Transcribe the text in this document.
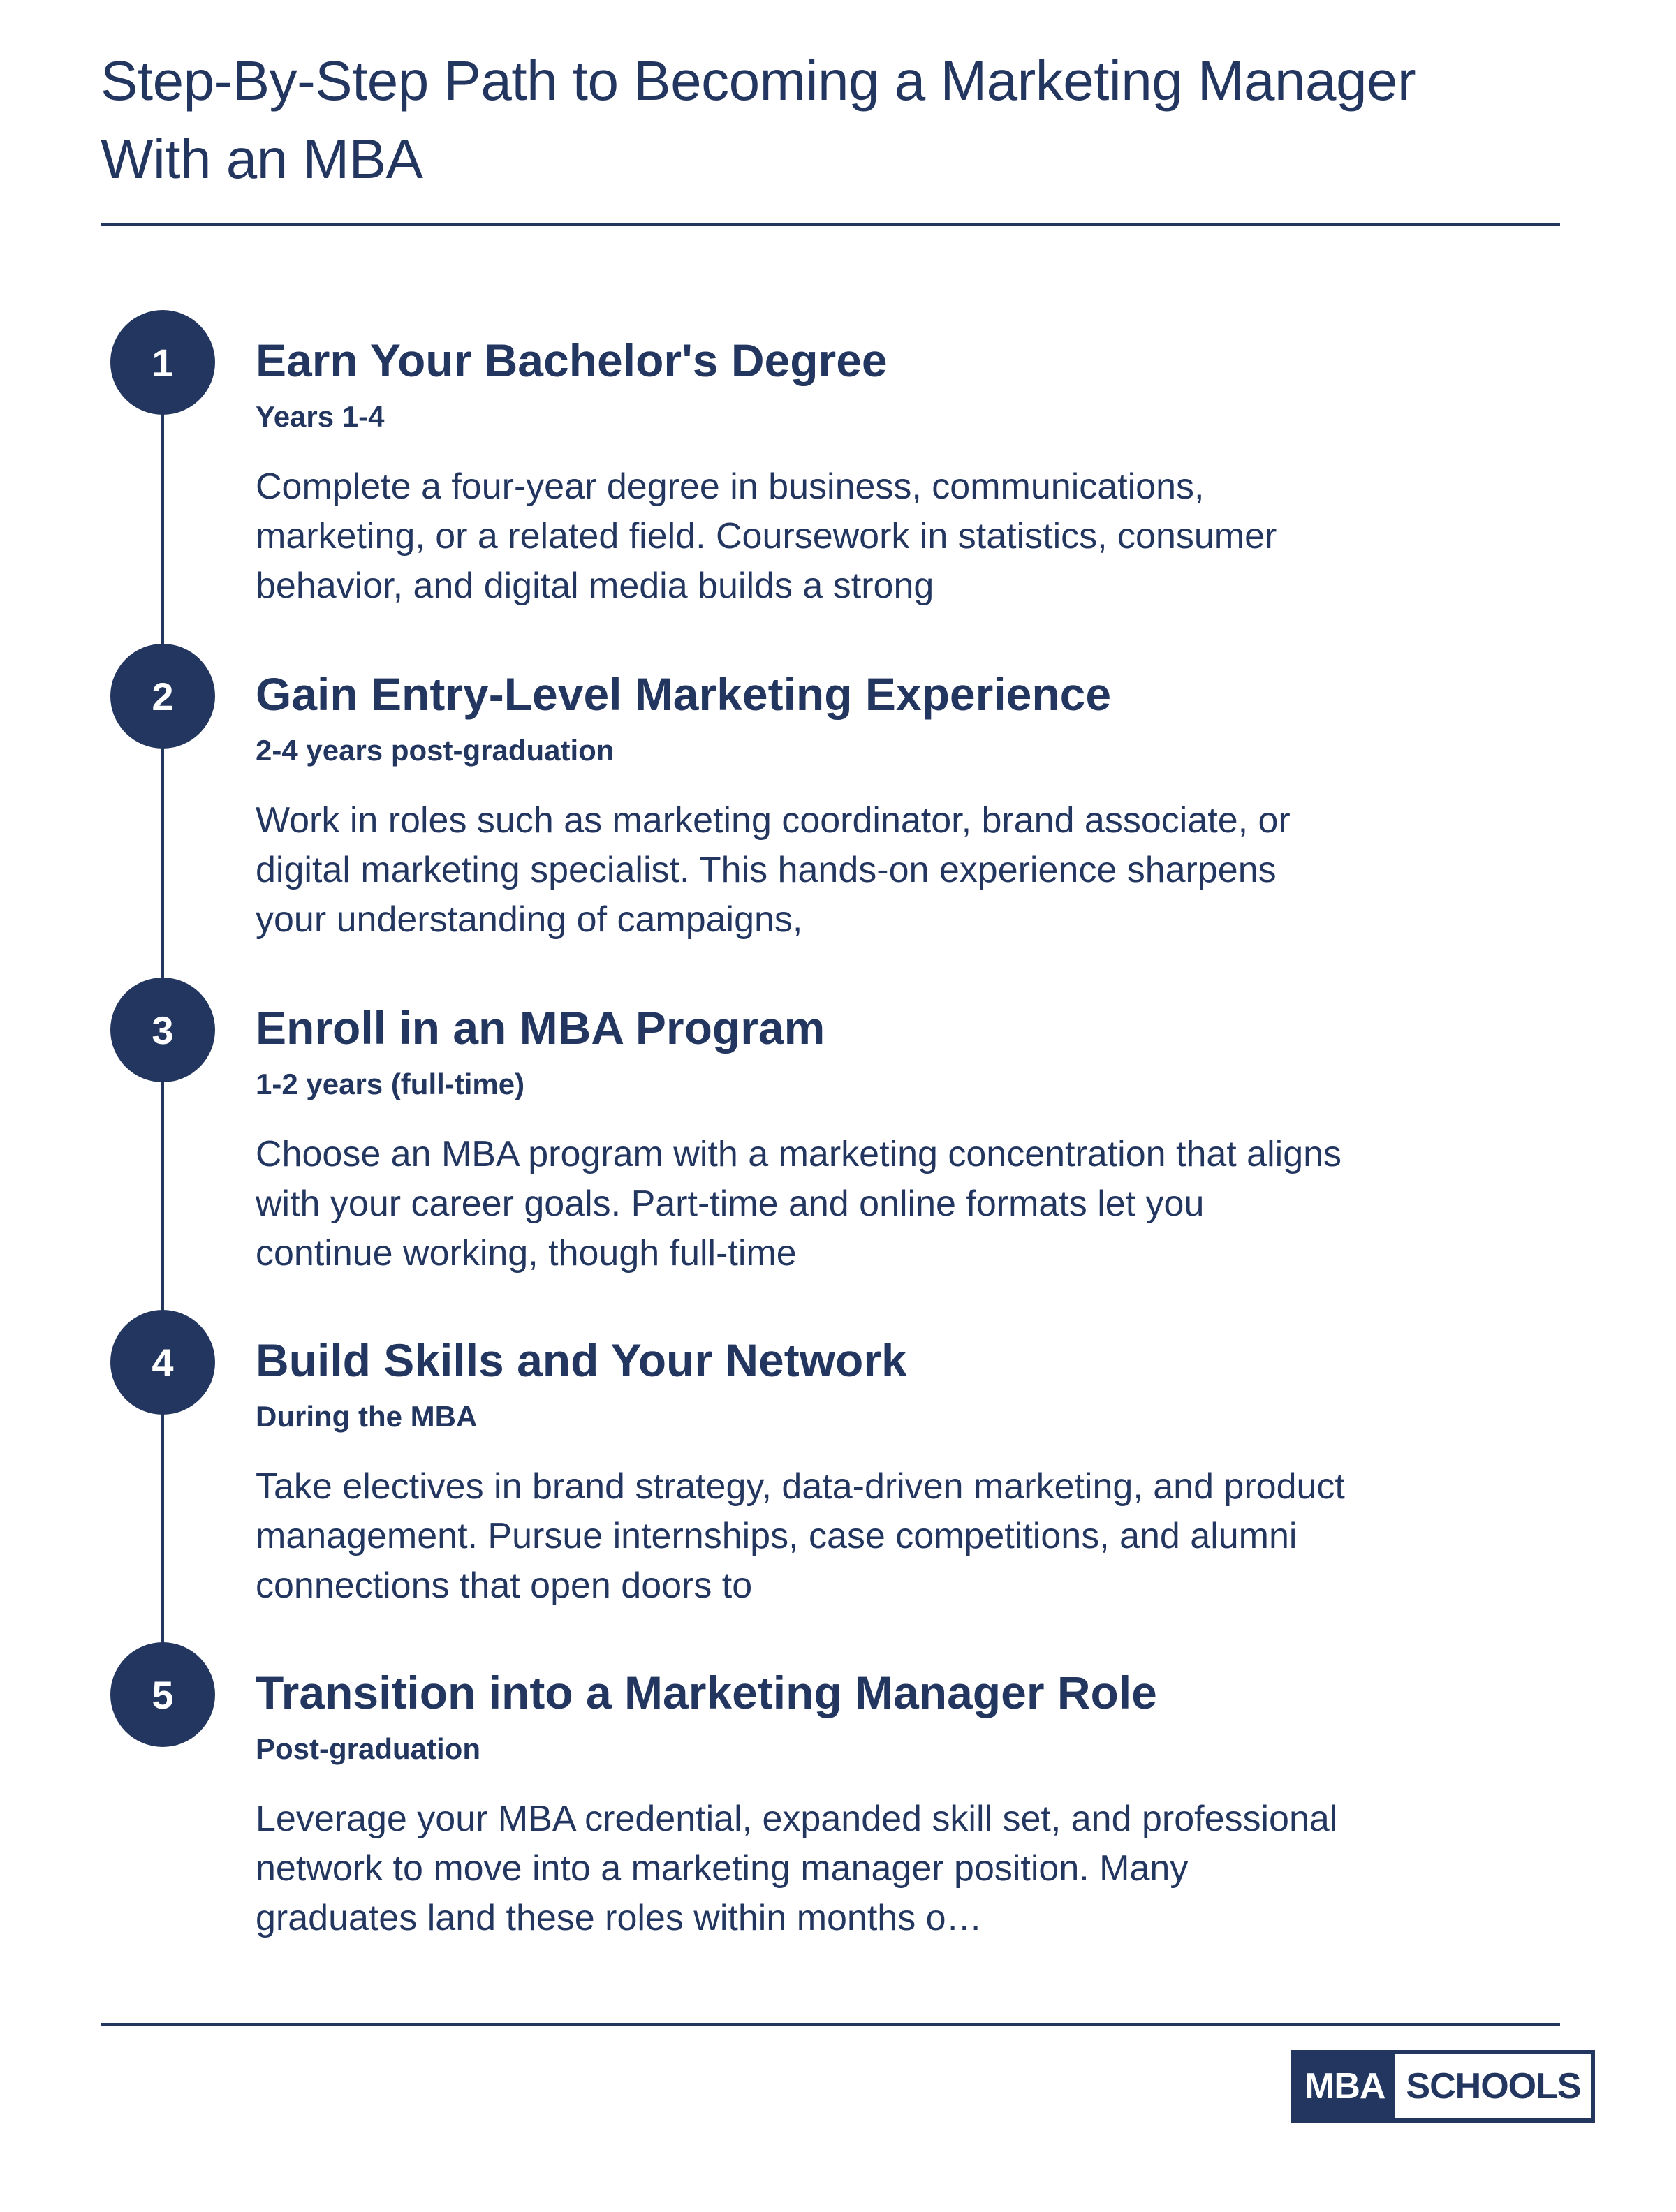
Step-By-Step Path to Becoming a Marketing Manager With an MBA
1	Earn Your Bachelor's Degree
Years 1-4

Complete a four-year degree in business, communications, marketing, or a related field. Coursework in statistics, consumer behavior, and digital media builds a strong

2	Gain Entry-Level Marketing Experience
2-4 years post-graduation

Work in roles such as marketing coordinator, brand associate, or digital marketing specialist. This hands-on experience sharpens your understanding of campaigns,

3	Enroll in an MBA Program
1-2 years (full-time)

Choose an MBA program with a marketing concentration that aligns with your career goals. Part-time and online formats let you continue working, though full-time

4	Build Skills and Your Network
During the MBA

Take electives in brand strategy, data-driven marketing, and product management. Pursue internships, case competitions, and alumni connections that open doors to

5	Transition into a Marketing Manager Role
Post-graduation

Leverage your MBA credential, expanded skill set, and professional network to move into a marketing manager position. Many graduates land these roles within months o…

MBA SCHOOLS
